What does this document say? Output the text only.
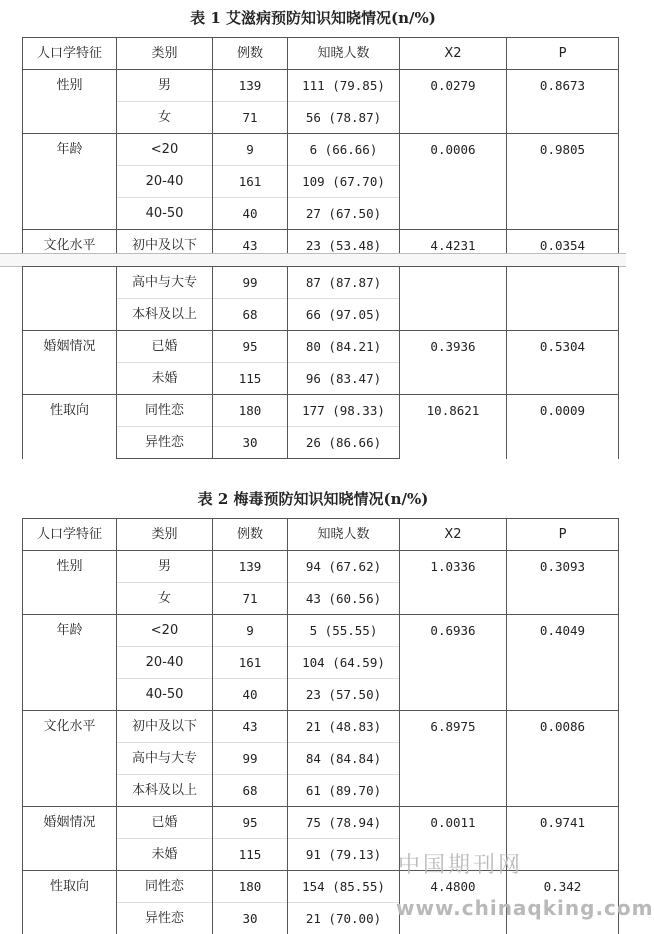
表 1 艾滋病预防知识知晓情况(n/%)
人口学特征	类别	例数	知晓人数	X2	P
性别	男	139	111 (79.85)	0.0279	0.8673
	女	71	56 (78.87)		
年龄	<20	9	6 (66.66)	0.0006	0.9805
	20-40	161	109 (67.70)		
	40-50	40	27 (67.50)		
文化水平	初中及以下	43	23 (53.48)	4.4231	0.0354
	高中与大专	99	87 (87.87)		
	本科及以上	68	66 (97.05)		
婚姻情况	已婚	95	80 (84.21)	0.3936	0.5304
	未婚	115	96 (83.47)		
性取向	同性恋	180	177 (98.33)	10.8621	0.0009
	异性恋	30	26 (86.66)		
表 2 梅毒预防知识知晓情况(n/%)
人口学特征	类别	例数	知晓人数	X2	P
性别	男	139	94 (67.62)	1.0336	0.3093
	女	71	43 (60.56)		
年龄	<20	9	5 (55.55)	0.6936	0.4049
	20-40	161	104 (64.59)		
	40-50	40	23 (57.50)		
文化水平	初中及以下	43	21 (48.83)	6.8975	0.0086
	高中与大专	99	84 (84.84)		
	本科及以上	68	61 (89.70)		
婚姻情况	已婚	95	75 (78.94)	0.0011	0.9741
	未婚	115	91 (79.13)		
性取向	同性恋	180	154 (85.55)	4.4800	0.342
	异性恋	30	21 (70.00)		
中国期刊网
www.chinaqking.com
